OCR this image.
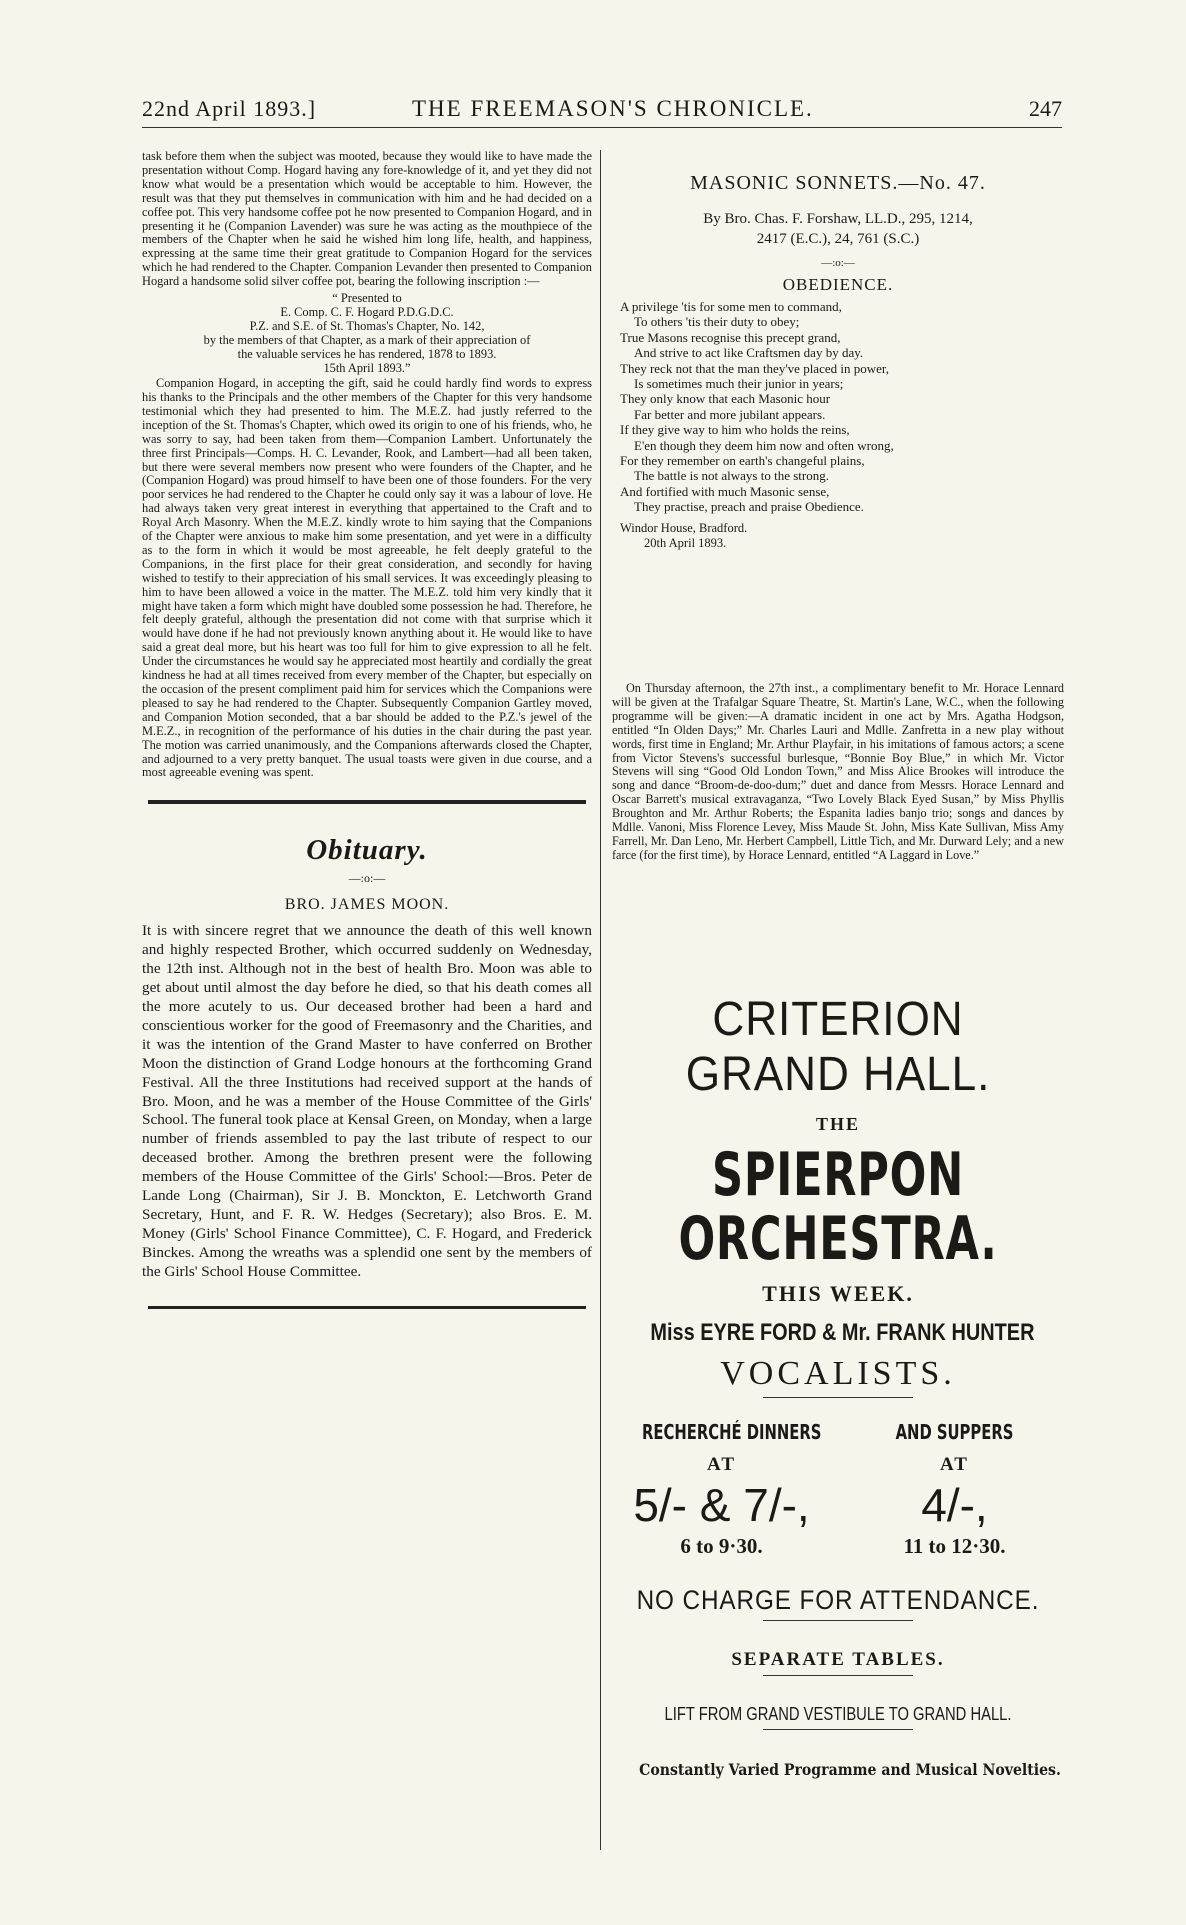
22nd April 1893.]	THE FREEMASON'S CHRONICLE.	247

task before them when the subject was mooted, because they would like to have made the presentation without Comp. Hogard having any fore-knowledge of it, and yet they did not know what would be a presentation which would be acceptable to him. However, the result was that they put themselves in communication with him and he had decided on a coffee pot. This very handsome coffee pot he now presented to Companion Hogard, and in presenting it he (Companion Lavender) was sure he was acting as the mouthpiece of the members of the Chapter when he said he wished him long life, health, and happiness, expressing at the same time their great gratitude to Companion Hogard for the services which he had rendered to the Chapter. Companion Levander then presented to Companion Hogard a handsome solid silver coffee pot, bearing the following inscription :—

“ Presented to
E. Comp. C. F. Hogard P.D.G.D.C.
P.Z. and S.E. of St. Thomas's Chapter, No. 142,
by the members of that Chapter, as a mark of their appreciation of
the valuable services he has rendered, 1878 to 1893.
15th April 1893.”

Companion Hogard, in accepting the gift, said he could hardly find words to express his thanks to the Principals and the other members of the Chapter for this very handsome testimonial which they had presented to him. The M.E.Z. had justly referred to the inception of the St. Thomas's Chapter, which owed its origin to one of his friends, who, he was sorry to say, had been taken from them—Companion Lambert. Unfortunately the three first Principals—Comps. H. C. Levander, Rook, and Lambert—had all been taken, but there were several members now present who were founders of the Chapter, and he (Companion Hogard) was proud himself to have been one of those founders. For the very poor services he had rendered to the Chapter he could only say it was a labour of love. He had always taken very great interest in everything that appertained to the Craft and to Royal Arch Masonry. When the M.E.Z. kindly wrote to him saying that the Companions of the Chapter were anxious to make him some presentation, and yet were in a difficulty as to the form in which it would be most agreeable, he felt deeply grateful to the Companions, in the first place for their great consideration, and secondly for having wished to testify to their appreciation of his small services. It was exceedingly pleasing to him to have been allowed a voice in the matter. The M.E.Z. told him very kindly that it might have taken a form which might have doubled some possession he had. Therefore, he felt deeply grateful, although the presentation did not come with that surprise which it would have done if he had not previously known anything about it. He would like to have said a great deal more, but his heart was too full for him to give expression to all he felt. Under the circumstances he would say he appreciated most heartily and cordially the great kindness he had at all times received from every member of the Chapter, but especially on the occasion of the present compliment paid him for services which the Companions were pleased to say he had rendered to the Chapter. Subsequently Companion Gartley moved, and Companion Motion seconded, that a bar should be added to the P.Z.'s jewel of the M.E.Z., in recognition of the performance of his duties in the chair during the past year. The motion was carried unanimously, and the Companions afterwards closed the Chapter, and adjourned to a very pretty banquet. The usual toasts were given in due course, and a most agreeable evening was spent.

Obituary.
—:o:—
BRO. JAMES MOON.

It is with sincere regret that we announce the death of this well known and highly respected Brother, which occurred suddenly on Wednesday, the 12th inst. Although not in the best of health Bro. Moon was able to get about until almost the day before he died, so that his death comes all the more acutely to us. Our deceased brother had been a hard and conscientious worker for the good of Freemasonry and the Charities, and it was the intention of the Grand Master to have conferred on Brother Moon the distinction of Grand Lodge honours at the forthcoming Grand Festival. All the three Institutions had received support at the hands of Bro. Moon, and he was a member of the House Committee of the Girls' School. The funeral took place at Kensal Green, on Monday, when a large number of friends assembled to pay the last tribute of respect to our deceased brother. Among the brethren present were the following members of the House Committee of the Girls' School:—Bros. Peter de Lande Long (Chairman), Sir J. B. Monckton, E. Letchworth Grand Secretary, Hunt, and F. R. W. Hedges (Secretary); also Bros. E. M. Money (Girls' School Finance Committee), C. F. Hogard, and Frederick Binckes. Among the wreaths was a splendid one sent by the members of the Girls' School House Committee.

MASONIC SONNETS.—No. 47.
By Bro. Chas. F. Forshaw, LL.D., 295, 1214,
2417 (E.C.), 24, 761 (S.C.)
—:o:—
OBEDIENCE.
A privilege 'tis for some men to command,
To others 'tis their duty to obey;
True Masons recognise this precept grand,
And strive to act like Craftsmen day by day.
They reck not that the man they've placed in power,
Is sometimes much their junior in years;
They only know that each Masonic hour
Far better and more jubilant appears.
If they give way to him who holds the reins,
E'en though they deem him now and often wrong,
For they remember on earth's changeful plains,
The battle is not always to the strong.
And fortified with much Masonic sense,
They practise, preach and praise Obedience.
Windor House, Bradford.
20th April 1893.

On Thursday afternoon, the 27th inst., a complimentary benefit to Mr. Horace Lennard will be given at the Trafalgar Square Theatre, St. Martin's Lane, W.C., when the following programme will be given:—A dramatic incident in one act by Mrs. Agatha Hodgson, entitled “In Olden Days;” Mr. Charles Lauri and Mdlle. Zanfretta in a new play without words, first time in England; Mr. Arthur Playfair, in his imitations of famous actors; a scene from Victor Stevens's successful burlesque, “Bonnie Boy Blue,” in which Mr. Victor Stevens will sing “Good Old London Town,” and Miss Alice Brookes will introduce the song and dance “Broom-de-doo-dum;” duet and dance from Messrs. Horace Lennard and Oscar Barrett's musical extravaganza, “Two Lovely Black Eyed Susan,” by Miss Phyllis Broughton and Mr. Arthur Roberts; the Espanita ladies banjo trio; songs and dances by Mdlle. Vanoni, Miss Florence Levey, Miss Maude St. John, Miss Kate Sullivan, Miss Amy Farrell, Mr. Dan Leno, Mr. Herbert Campbell, Little Tich, and Mr. Durward Lely; and a new farce (for the first time), by Horace Lennard, entitled “A Laggard in Love.”

CRITERION GRAND HALL.
THE
SPIERPON ORCHESTRA.
THIS WEEK.
Miss EYRE FORD & Mr. FRANK HUNTER
VOCALISTS.
RECHERCHÉ DINNERS
AT
5/- & 7/-,
6 to 9·30.
AND SUPPERS
AT
4/-,
11 to 12·30.
NO CHARGE FOR ATTENDANCE.
SEPARATE TABLES.
LIFT FROM GRAND VESTIBULE TO GRAND HALL.
Constantly Varied Programme and Musical Novelties.
